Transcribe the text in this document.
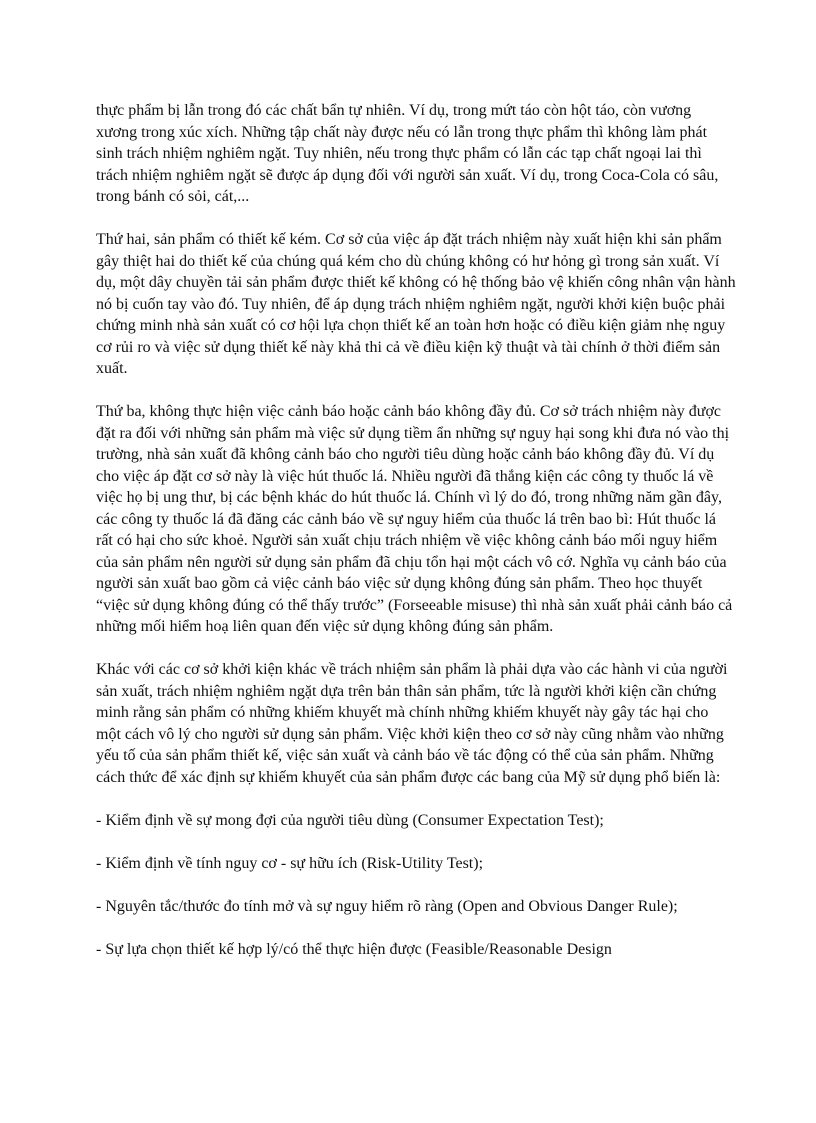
thực phẩm bị lẫn trong đó các chất bẩn tự nhiên. Ví dụ, trong mứt táo còn hột táo, còn vương xương trong xúc xích. Những tập chất này được nếu có lẫn trong thực phẩm thì không làm phát sinh trách nhiệm nghiêm ngặt. Tuy nhiên, nếu trong thực phẩm có lẫn các tạp chất ngoại lai thì trách nhiệm nghiêm ngặt sẽ được áp dụng đối với người sản xuất. Ví dụ, trong Coca-Cola có sâu, trong bánh có sỏi, cát,...

Thứ hai, sản phẩm có thiết kế kém. Cơ sở của việc áp đặt trách nhiệm này xuất hiện khi sản phẩm gây thiệt hai do thiết kế của chúng quá kém cho dù chúng không có hư hỏng gì trong sản xuất. Ví dụ, một dây chuyền tải sản phẩm được thiết kế không có hệ thống bảo vệ khiến công nhân vận hành nó bị cuốn tay vào đó. Tuy nhiên, để áp dụng trách nhiệm nghiêm ngặt, người khởi kiện buộc phải chứng minh nhà sản xuất có cơ hội lựa chọn thiết kế an toàn hơn hoặc có điều kiện giảm nhẹ nguy cơ rủi ro và việc sử dụng thiết kế này khả thi cả về điều kiện kỹ thuật và tài chính ở thời điểm sản xuất.

Thứ ba, không thực hiện việc cảnh báo hoặc cảnh báo không đầy đủ. Cơ sở trách nhiệm này được đặt ra đối với những sản phẩm mà việc sử dụng tiềm ẩn những sự nguy hại song khi đưa nó vào thị trường, nhà sản xuất đã không cảnh báo cho người tiêu dùng hoặc cảnh báo không đầy đủ. Ví dụ cho việc áp đặt cơ sở này là việc hút thuốc lá. Nhiều người đã thắng kiện các công ty thuốc lá về việc họ bị ung thư, bị các bệnh khác do hút thuốc lá. Chính vì lý do đó, trong những năm gần đây, các công ty thuốc lá đã đăng các cảnh báo về sự nguy hiểm của thuốc lá trên bao bì: Hút thuốc lá rất có hại cho sức khoẻ. Người sản xuất chịu trách nhiệm về việc không cảnh báo mối nguy hiểm của sản phẩm nên người sử dụng sản phẩm đã chịu tổn hại một cách vô cớ. Nghĩa vụ cảnh báo của người sản xuất bao gồm cả việc cảnh báo việc sử dụng không đúng sản phẩm. Theo học thuyết “việc sử dụng không đúng có thể thấy trước” (Forseeable misuse) thì nhà sản xuất phải cảnh báo cả những mối hiểm hoạ liên quan đến việc sử dụng không đúng sản phẩm.

Khác với các cơ sở khởi kiện khác về trách nhiệm sản phẩm là phải dựa vào các hành vi của người sản xuất, trách nhiệm nghiêm ngặt dựa trên bản thân sản phẩm, tức là người khởi kiện cần chứng minh rằng sản phẩm có những khiếm khuyết mà chính những khiếm khuyết này gây tác hại cho một cách vô lý cho người sử dụng sản phẩm. Việc khởi kiện theo cơ sở này cũng nhằm vào những yếu tố của sản phẩm thiết kế, việc sản xuất và cảnh báo về tác động có thể của sản phẩm. Những cách thức để xác định sự khiếm khuyết của sản phẩm được các bang của Mỹ sử dụng phổ biến là:

- Kiểm định về sự mong đợi của người tiêu dùng (Consumer Expectation Test);

- Kiểm định về tính nguy cơ - sự hữu ích (Risk-Utility Test);

- Nguyên tắc/thước đo tính mở và sự nguy hiểm rõ ràng (Open and Obvious Danger Rule);

- Sự lựa chọn thiết kế hợp lý/có thể thực hiện được (Feasible/Reasonable Design
